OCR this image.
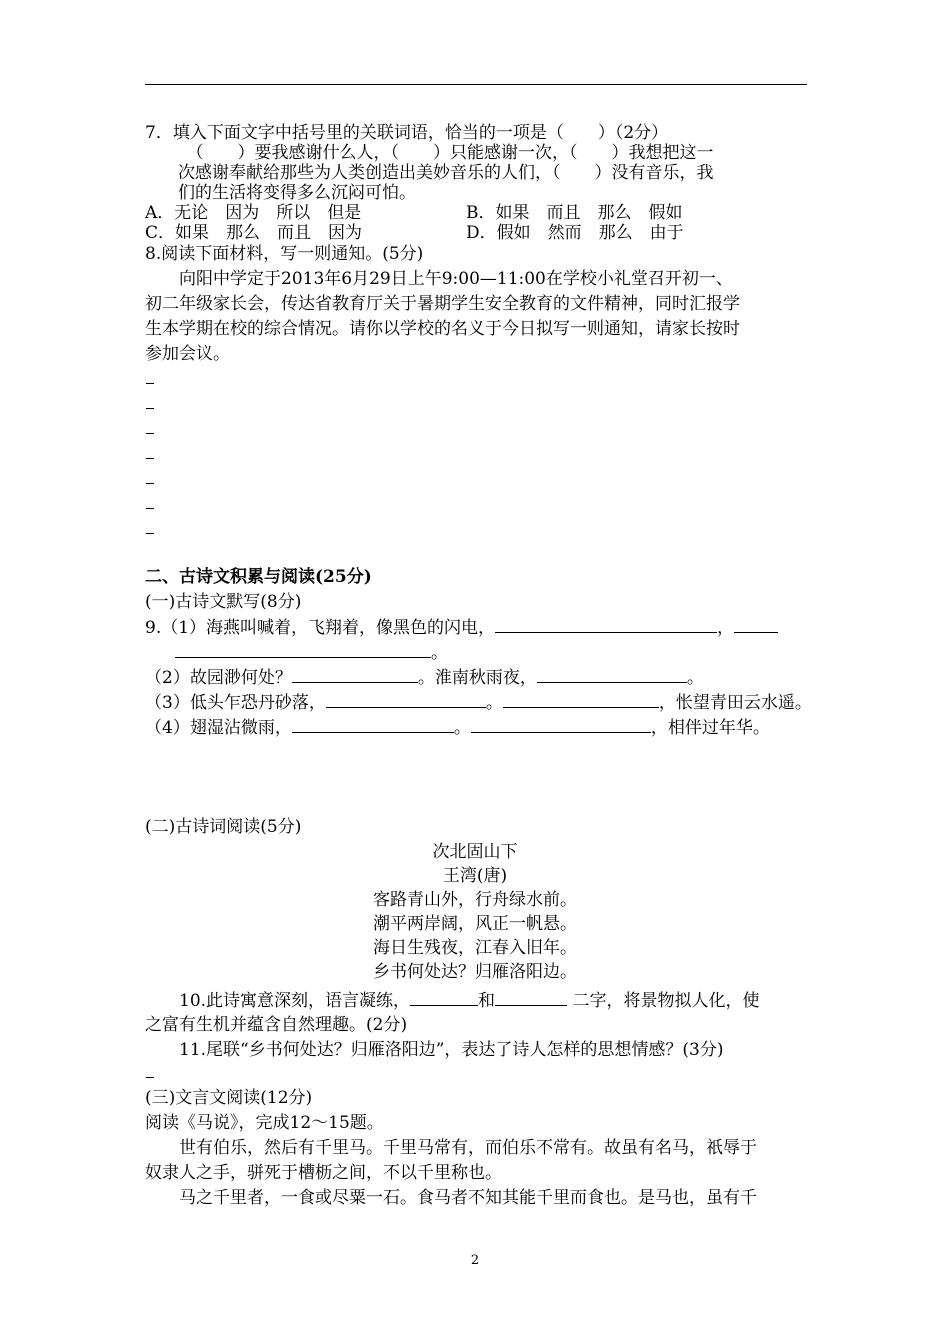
7．填入下面文字中括号里的关联词语，恰当的一项是（　　）（2分）
　（　　）要我感谢什么人，（　　）只能感谢一次，（　　）我想把这一
次感谢奉献给那些为人类创造出美妙音乐的人们，（　　）没有音乐，我
们的生活将变得多么沉闷可怕。
A．无论　因为　所以　但是	B．如果　而且　那么　假如
C．如果　那么　而且　因为	D．假如　然而　那么　由于
8.阅读下面材料，写一则通知。(5分)
　　向阳中学定于2013年6月29日上午9:00—11:00在学校小礼堂召开初一、
初二年级家长会，传达省教育厅关于暑期学生安全教育的文件精神，同时汇报学
生本学期在校的综合情况。请你以学校的名义于今日拟写一则通知，请家长按时
参加会议。
二、古诗文积累与阅读(25分)
(一)古诗文默写(8分)
9.（1）海燕叫喊着，飞翔着，像黑色的闪电，	，
。
（2）故园渺何处？	。淮南秋雨夜，	。
（3）低头乍恐丹砂落，	。	，怅望青田云水遥。
（4）翅湿沾微雨，	。	，相伴过年华。
(二)古诗词阅读(5分)
次北固山下
王湾(唐)
客路青山外，行舟绿水前。
潮平两岸阔，风正一帆悬。
海日生残夜，江春入旧年。
乡书何处达？归雁洛阳边。
　　10.此诗寓意深刻，语言凝练，	和	二字，将景物拟人化，使
之富有生机并蕴含自然理趣。(2分)
　　11.尾联“乡书何处达？归雁洛阳边”，表达了诗人怎样的思想情感？(3分)
(三)文言文阅读(12分)
阅读《马说》，完成12～15题。
　　世有伯乐，然后有千里马。千里马常有，而伯乐不常有。故虽有名马，祇辱于
奴隶人之手，骈死于槽枥之间，不以千里称也。
　　马之千里者，一食或尽粟一石。食马者不知其能千里而食也。是马也，虽有千
2
